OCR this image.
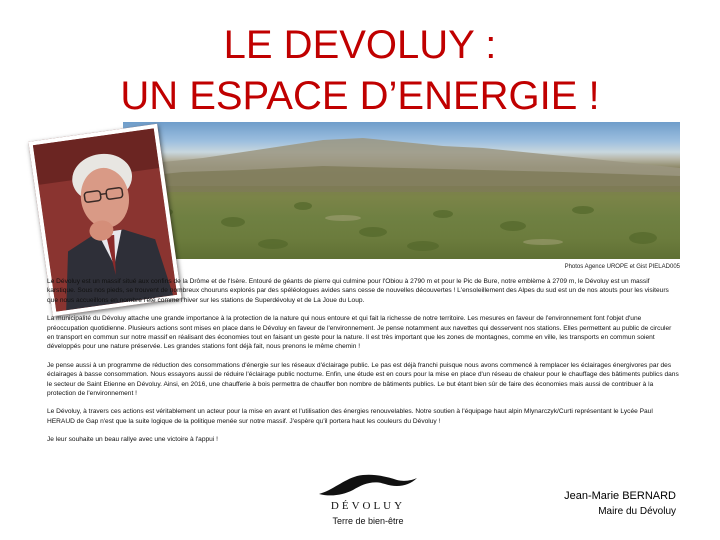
LE DEVOLUY :
UN ESPACE D’ENERGIE !
Photos Agence UROPE et Gist PIELAD005

Le Dévoluy est un massif situé aux confins de la Drôme et de l'Isère. Entouré de géants de pierre qui culmine pour l'Obiou à 2790 m et pour le Pic de Bure, notre emblème à 2709 m, le Dévoluy est un massif karstique. Sous nos pieds, se trouvent de nombreux chouruns explorés par des spéléologues avides sans cesse de nouvelles découvertes ! L'ensoleillement des Alpes du sud est un de nos atouts pour les visiteurs que nous accueillons en nombre l'été comme l'hiver sur les stations de Superdévoluy et de La Joue du Loup.

La municipalité du Dévoluy attache une grande importance à la protection de la nature qui nous entoure et qui fait la richesse de notre territoire. Les mesures en faveur de l'environnement font l'objet d'une préoccupation quotidienne. Plusieurs actions sont mises en place dans le Dévoluy en faveur de l'environnement. Je pense notamment aux navettes qui desservent nos stations. Elles permettent au public de circuler en transport en commun sur notre massif en réalisant des économies tout en faisant un geste pour la nature. Il est très important que les zones de montagnes, comme en ville, les transports en commun soient développés pour une nature préservée. Les grandes stations font déjà fait, nous prenons le même chemin !

Je pense aussi à un programme de réduction des consommations d'énergie sur les réseaux d'éclairage public. Le pas est déjà franchi puisque nous avons commencé à remplacer les éclairages énergivores par des éclairages à basse consommation. Nous essayons aussi de réduire l'éclairage public nocturne. Enfin, une étude est en cours pour la mise en place d'un réseau de chaleur pour le chauffage des bâtiments publics dans le secteur de Saint Etienne en Dévoluy. Ainsi, en 2016, une chaufferie à bois permettra de chauffer bon nombre de bâtiments publics. Le but étant bien sûr de faire des économies mais aussi de contribuer à la protection de l'environnement !

Le Dévoluy, à travers ces actions est véritablement un acteur pour la mise en avant et l'utilisation des énergies renouvelables. Notre soutien à l'équipage haut alpin Mlynarczyk/Curti représentant le Lycée Paul HERAUD de Gap n'est que la suite logique de la politique menée sur notre massif. J'espère qu'il portera haut les couleurs du Dévoluy !

Je leur souhaite un beau rallye avec une victoire à l'appui !

DÉVOLUY
Terre de bien-être
Jean-Marie BERNARD
Maire du Dévoluy
